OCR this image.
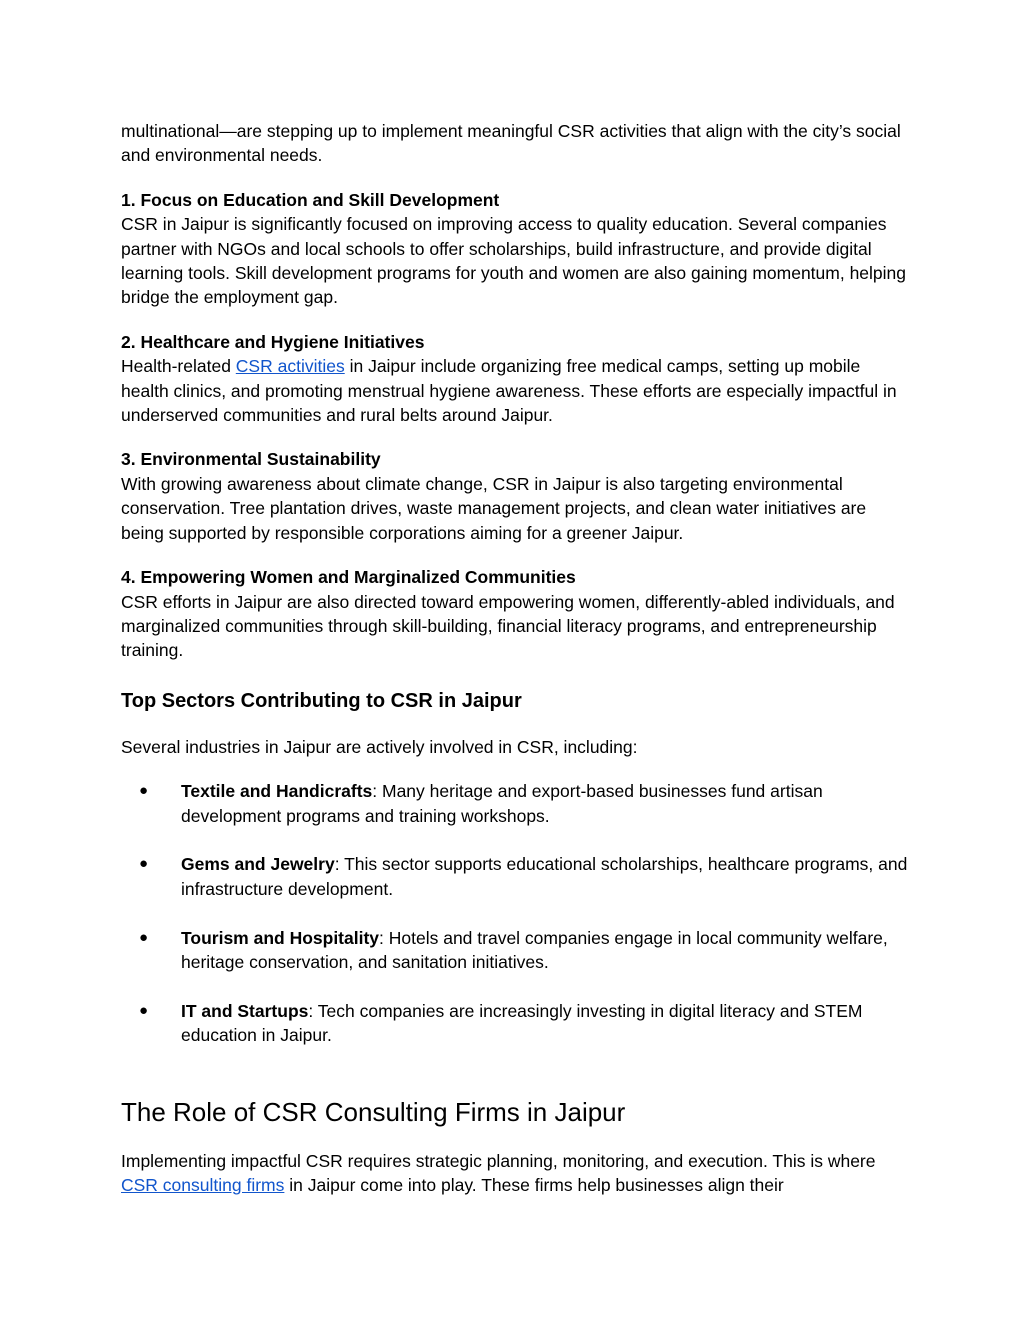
multinational—are stepping up to implement meaningful CSR activities that align with the city’s social and environmental needs.

1. Focus on Education and Skill Development

CSR in Jaipur is significantly focused on improving access to quality education. Several companies partner with NGOs and local schools to offer scholarships, build infrastructure, and provide digital learning tools. Skill development programs for youth and women are also gaining momentum, helping bridge the employment gap.

2. Healthcare and Hygiene Initiatives

Health-related CSR activities in Jaipur include organizing free medical camps, setting up mobile health clinics, and promoting menstrual hygiene awareness. These efforts are especially impactful in underserved communities and rural belts around Jaipur.

3. Environmental Sustainability

With growing awareness about climate change, CSR in Jaipur is also targeting environmental conservation. Tree plantation drives, waste management projects, and clean water initiatives are being supported by responsible corporations aiming for a greener Jaipur.

4. Empowering Women and Marginalized Communities

CSR efforts in Jaipur are also directed toward empowering women, differently-abled individuals, and marginalized communities through skill-building, financial literacy programs, and entrepreneurship training.

Top Sectors Contributing to CSR in Jaipur

Several industries in Jaipur are actively involved in CSR, including:

● Textile and Handicrafts: Many heritage and export-based businesses fund artisan development programs and training workshops.
● Gems and Jewelry: This sector supports educational scholarships, healthcare programs, and infrastructure development.
● Tourism and Hospitality: Hotels and travel companies engage in local community welfare, heritage conservation, and sanitation initiatives.
● IT and Startups: Tech companies are increasingly investing in digital literacy and STEM education in Jaipur.
The Role of CSR Consulting Firms in Jaipur

Implementing impactful CSR requires strategic planning, monitoring, and execution. This is where CSR consulting firms in Jaipur come into play. These firms help businesses align their
